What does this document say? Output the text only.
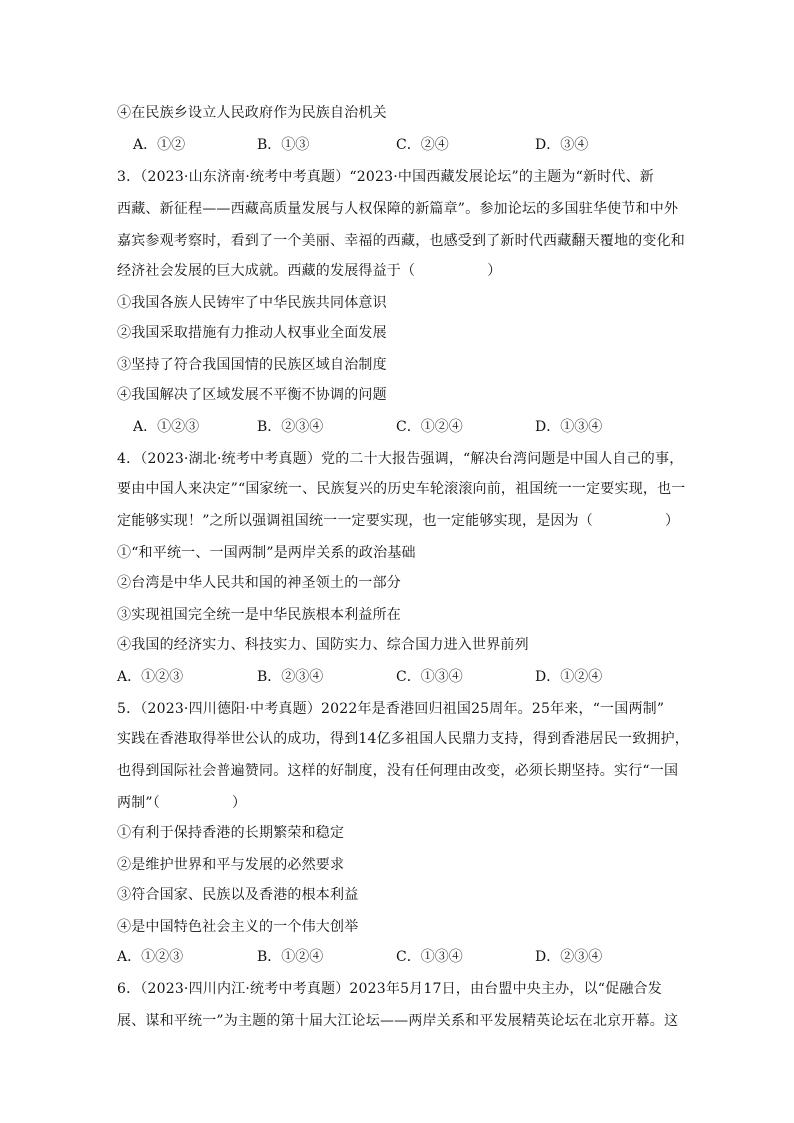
④在民族乡设立人民政府作为民族自治机关
A．①②	B．①③	C．②④	D．③④
3．（2023·山东济南·统考中考真题）“2023·中国西藏发展论坛”的主题为“新时代、新
西藏、新征程——西藏高质量发展与人权保障的新篇章”。参加论坛的多国驻华使节和中外
嘉宾参观考察时，看到了一个美丽、幸福的西藏，也感受到了新时代西藏翻天覆地的变化和
经济社会发展的巨大成就。西藏的发展得益于（	）
①我国各族人民铸牢了中华民族共同体意识
②我国采取措施有力推动人权事业全面发展
③坚持了符合我国国情的民族区域自治制度
④我国解决了区域发展不平衡不协调的问题
A．①②③	B．②③④	C．①②④	D．①③④
4．（2023·湖北·统考中考真题）党的二十大报告强调，“解决台湾问题是中国人自己的事，
要由中国人来决定”“国家统一、民族复兴的历史车轮滚滚向前，祖国统一一定要实现，也一
定能够实现！”之所以强调祖国统一一定要实现，也一定能够实现，是因为（	）
①“和平统一、一国两制”是两岸关系的政治基础
②台湾是中华人民共和国的神圣领土的一部分
③实现祖国完全统一是中华民族根本利益所在
④我国的经济实力、科技实力、国防实力、综合国力进入世界前列
A．①②③	B．②③④	C．①③④	D．①②④
5．（2023·四川德阳·中考真题）2022年是香港回归祖国25周年。25年来，“一国两制”
实践在香港取得举世公认的成功，得到14亿多祖国人民鼎力支持，得到香港居民一致拥护，
也得到国际社会普遍赞同。这样的好制度，没有任何理由改变，必须长期坚持。实行“一国
两制”（	）
①有利于保持香港的长期繁荣和稳定
②是维护世界和平与发展的必然要求
③符合国家、民族以及香港的根本利益
④是中国特色社会主义的一个伟大创举
A．①②③	B．①②④	C．①③④	D．②③④
6．（2023·四川内江·统考中考真题）2023年5月17日，由台盟中央主办，以“促融合发
展、谋和平统一”为主题的第十届大江论坛——两岸关系和平发展精英论坛在北京开幕。这
